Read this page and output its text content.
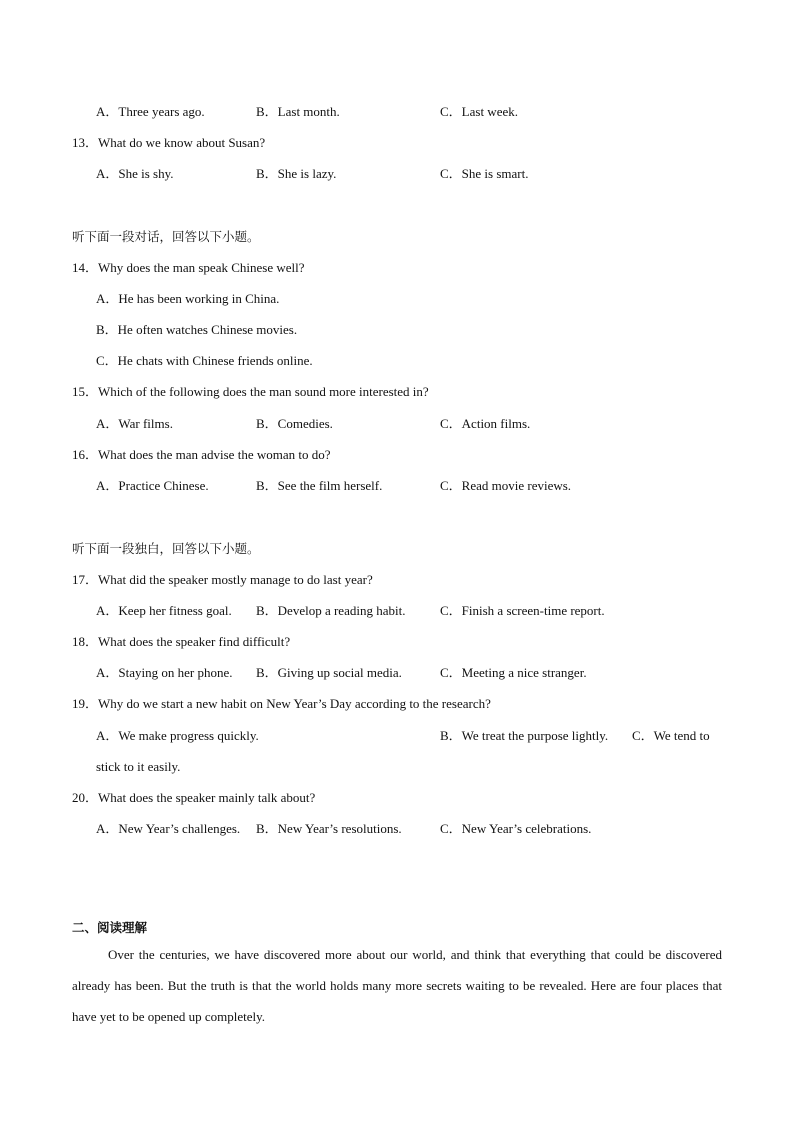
A．Three years ago.	B．Last month.	C．Last week.
13．What do we know about Susan?
A．She is shy.	B．She is lazy.	C．She is smart.
听下面一段对话，回答以下小题。
14．Why does the man speak Chinese well?
A．He has been working in China.
B．He often watches Chinese movies.
C．He chats with Chinese friends online.
15．Which of the following does the man sound more interested in?
A．War films.	B．Comedies.	C．Action films.
16．What does the man advise the woman to do?
A．Practice Chinese.	B．See the film herself.	C．Read movie reviews.
听下面一段独白，回答以下小题。
17．What did the speaker mostly manage to do last year?
A．Keep her fitness goal. B．Develop a reading habit.	C．Finish a screen-time report.
18．What does the speaker find difficult?
A．Staying on her phone. B．Giving up social media.	C．Meeting a nice stranger.
19．Why do we start a new habit on New Year’s Day according to the research?
A．We make progress quickly.	B．We treat the purpose lightly. C．We tend to
stick to it easily.
20．What does the speaker mainly talk about?
A．New Year’s challenges. B．New Year’s resolutions.	C．New Year’s celebrations.
二、阅读理解
Over the centuries, we have discovered more about our world, and think that everything that could be discovered already has been. But the truth is that the world holds many more secrets waiting to be revealed. Here are four places that have yet to be opened up completely.
